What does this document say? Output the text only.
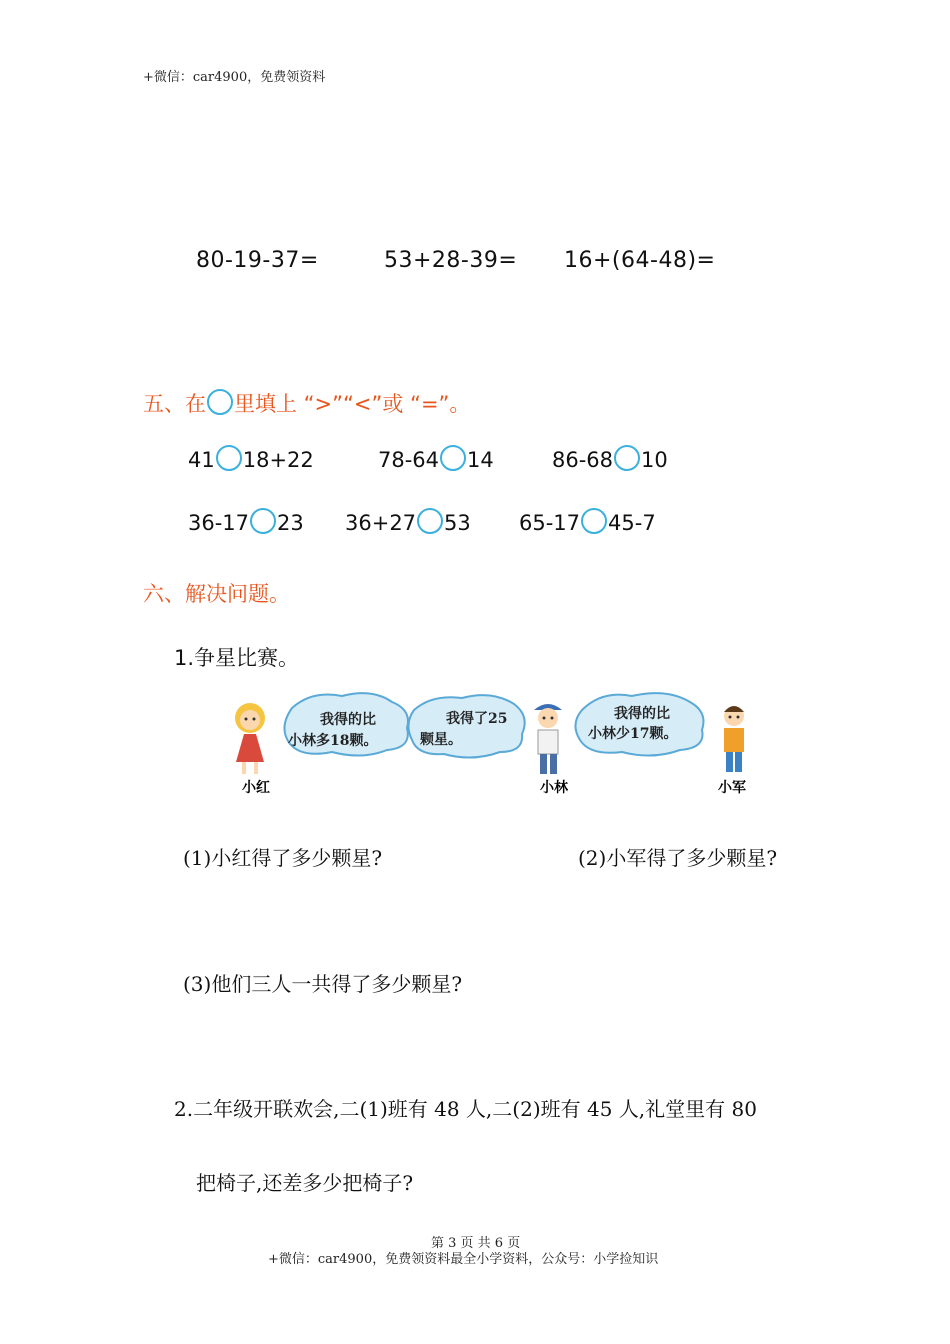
+微信：car4900，免费领资料
80-19-37=	53+28-39= 16+(64-48)=
五、在 里填上 “>”“<”或 “=”。
41 18+22	78-64 14	86-68 10
36-17 23 36+27 53 65-17 45-7
六、解决问题。
1.争星比赛。
我得的比
小林多18颗。
我得了25
颗星。
我得的比
小林少17颗。
小红	小林	小军
(1)小红得了多少颗星?	(2)小军得了多少颗星?
(3)他们三人一共得了多少颗星?
2.二年级开联欢会,二(1)班有 48 人,二(2)班有 45 人,礼堂里有 80
把椅子,还差多少把椅子?
第 3 页 共 6 页
+微信：car4900，免费领资料最全小学资料，公众号：小学捡知识
